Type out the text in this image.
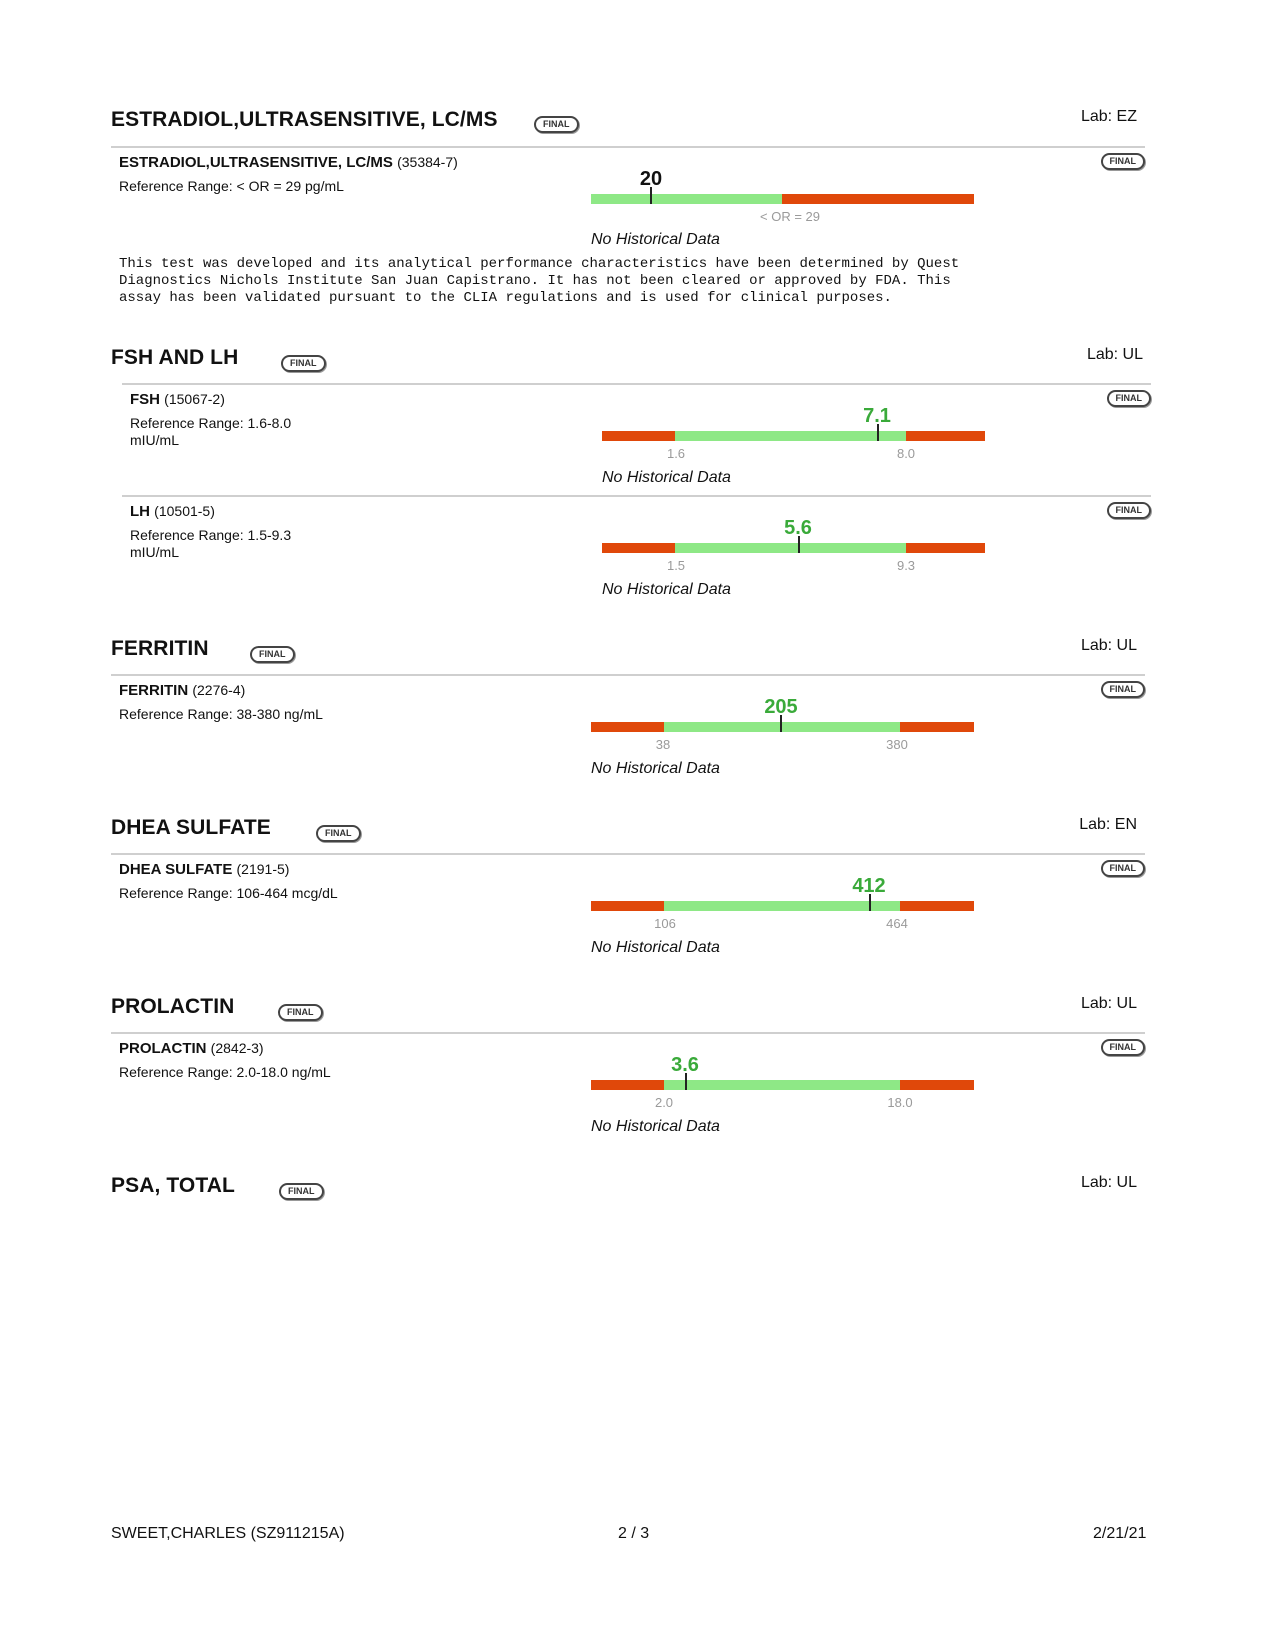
ESTRADIOL,ULTRASENSITIVE, LC/MS	FINAL	Lab: EZ
ESTRADIOL,ULTRASENSITIVE, LC/MS (35384-7)
Reference Range: < OR = 29 pg/mL
FINAL
20
< OR = 29
No Historical Data
This test was developed and its analytical performance characteristics have been determined by Quest
Diagnostics Nichols Institute San Juan Capistrano. It has not been cleared or approved by FDA. This
assay has been validated pursuant to the CLIA regulations and is used for clinical purposes.
FSH AND LH	FINAL	Lab: UL
FSH (15067-2)
Reference Range: 1.6-8.0
mIU/mL
FINAL
7.1
1.6	8.0
No Historical Data
LH (10501-5)
Reference Range: 1.5-9.3
mIU/mL
FINAL
5.6
1.5	9.3
No Historical Data
FERRITIN	FINAL	Lab: UL
FERRITIN (2276-4)
Reference Range: 38-380 ng/mL
FINAL
205
38	380
No Historical Data
DHEA SULFATE	FINAL	Lab: EN
DHEA SULFATE (2191-5)
Reference Range: 106-464 mcg/dL
FINAL
412
106	464
No Historical Data
PROLACTIN	FINAL	Lab: UL
PROLACTIN (2842-3)
Reference Range: 2.0-18.0 ng/mL
FINAL
3.6
2.0	18.0
No Historical Data
PSA, TOTAL	FINAL	Lab: UL
SWEET,CHARLES (SZ911215A)	2 / 3	2/21/21
